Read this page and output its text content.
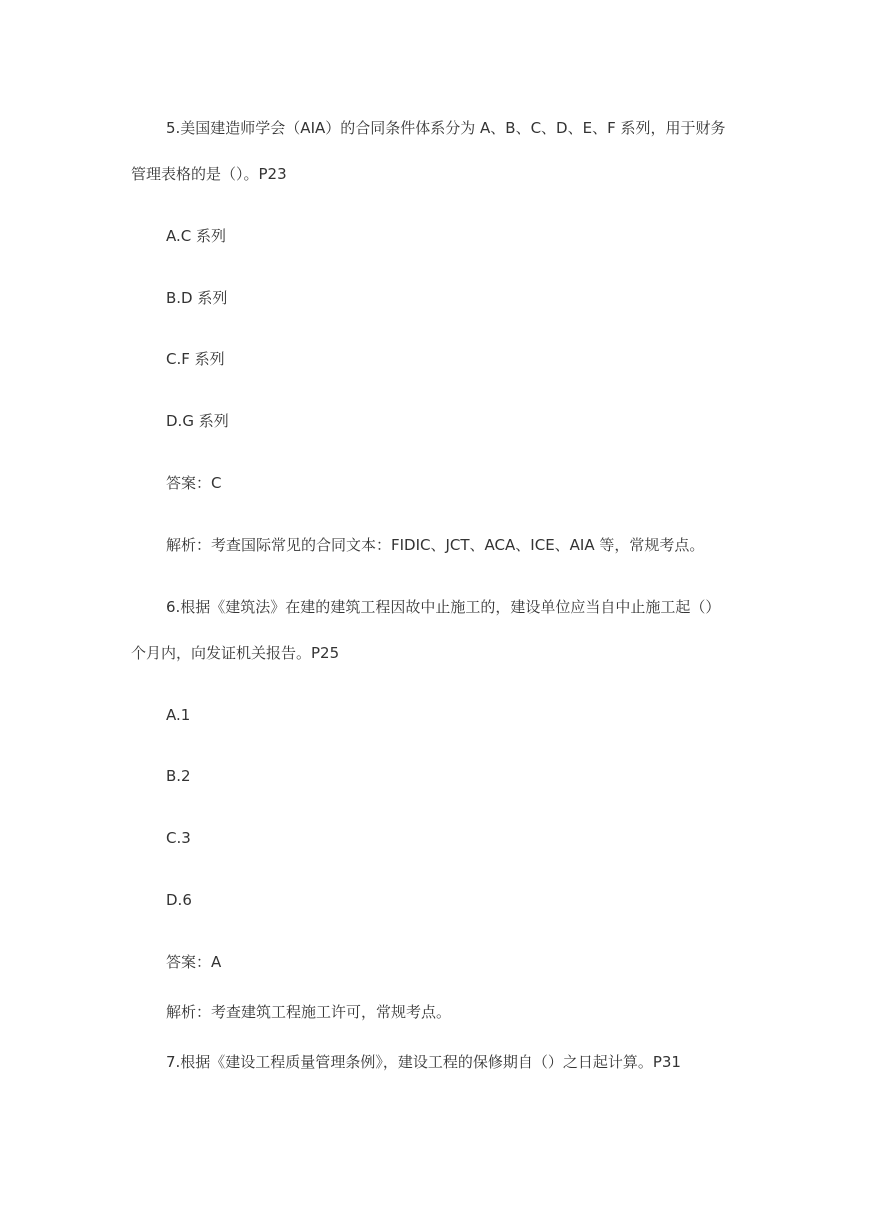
5.美国建造师学会（AIA）的合同条件体系分为 A、B、C、D、E、F 系列，用于财务
管理表格的是（）。P23
A.C 系列
B.D 系列
C.F 系列
D.G 系列
答案：C
解析：考查国际常见的合同文本：FIDIC、JCT、ACA、ICE、AIA 等，常规考点。
6.根据《建筑法》在建的建筑工程因故中止施工的，建设单位应当自中止施工起（）
个月内，向发证机关报告。P25
A.1
B.2
C.3
D.6
答案：A
解析：考查建筑工程施工许可，常规考点。
7.根据《建设工程质量管理条例》，建设工程的保修期自（）之日起计算。P31
